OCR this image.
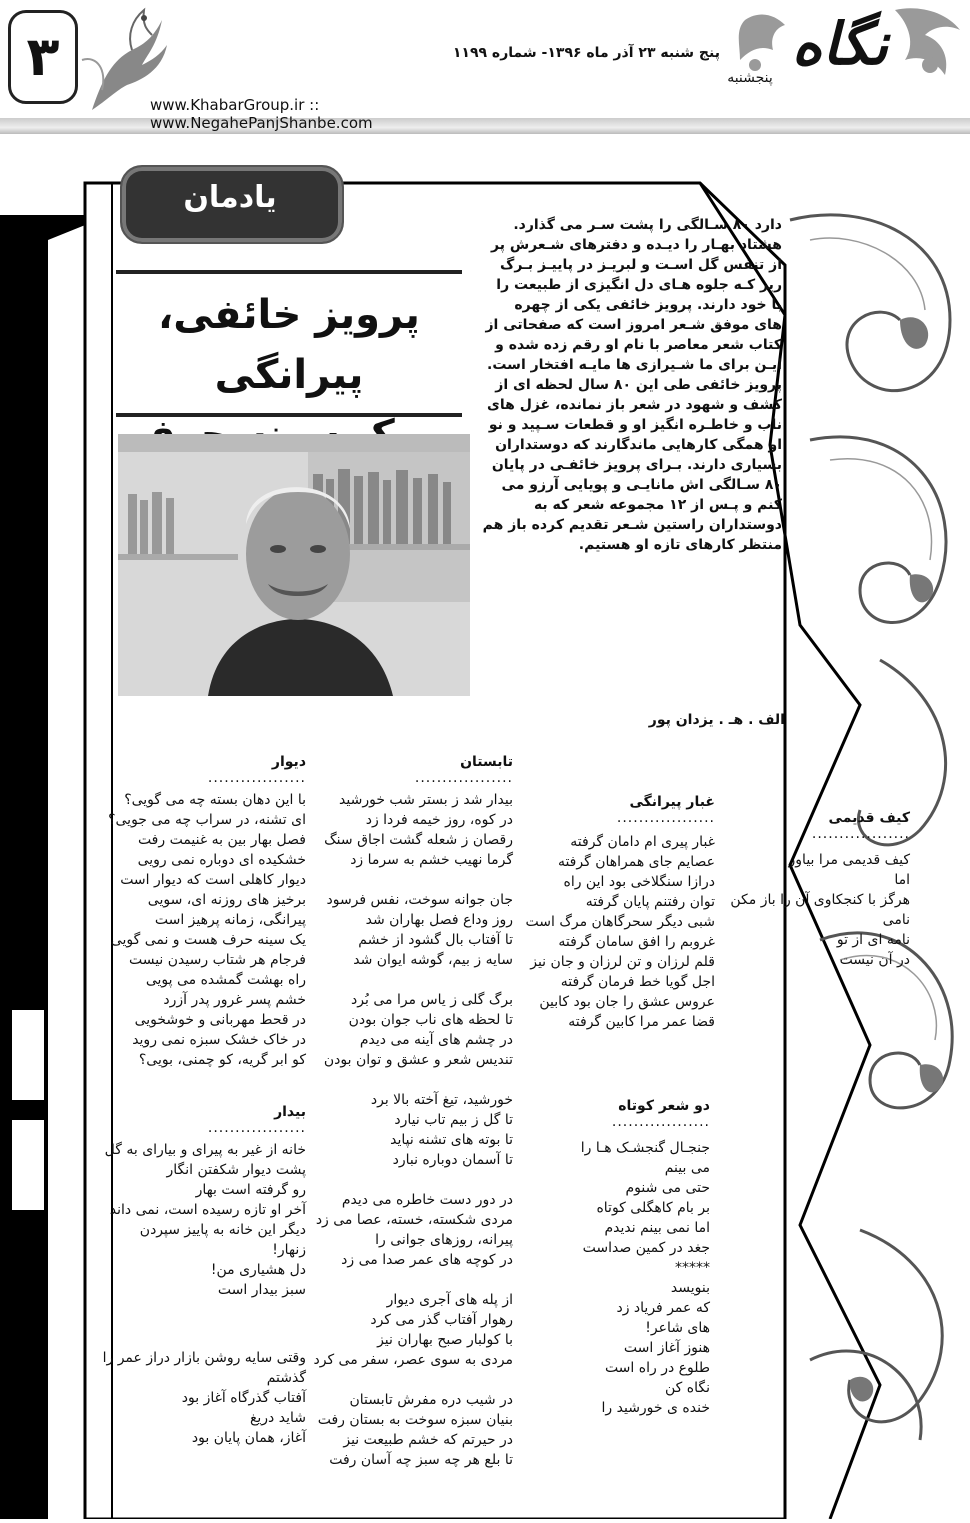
۳	پنج شنبه ۲۳ آذر ماه ۱۳۹۶- شماره ۱۱۹۹
www.KhabarGroup.ir :: www.NegahePanjShanbe.com
نگاه
پنجشنبه
یادمان
پرویز خائفی، پیرانگی

دارد ۸۰ سـالگی را پشت سـر می گذارد. هشتاد بهـار را دیـده و دفترهای شـعرش پر از تنفس گل اسـت و لبریـز در پاییـز بـرگ ریز کـه جلوه هـای دل انگیزی از طبیعت را با خود دارند. پرویز خائفی یکی از چهره های موفق شـعر امروز است که صفحاتی از کتاب شعر معاصر با نام او رقم زده شده و ایـن برای ما شـیرازی ها مایـه افتخار است.

پرویز خائفی طی این ۸۰ سال لحظه ای از کشف و شهود در شعر باز نمانده، غزل های ناب و خاطـره انگیز او و قطعات سـپید و نو او همگی کارهایی ماندگارند که دوستداران بسیاری دارند. بـرای پرویز خائفـی در پایان ۸۰ سـالگی اش مانایـی و پویایی آرزو می کنم و پـس از ۱۲ مجموعه شعر که به دوستداران راستین شـعر تقدیم کرده باز هم منتظر کارهای تازه او هستیم.

الف . هـ . یزدان پور
کیف قدیمی
..................
کیف قدیمی مرا بیاور
اما
هرگز با کنجکاوی آن را باز مکن
نامی
نامه ای از تو
در آن نیست
غبار پیرانگی
..................
غبار پیری ام دامان گرفته
عصایم جای همراهان گرفته
درازا سنگلاخی بود این راه
توان رفتنم پایان گرفته
شبی دیگر سحرگاهان مرگ است
غروبم را افق سامان گرفته
قلم لرزان و تن لرزان و جان نیز
اجل گویا خط فرمان گرفته
عروس عشق را جان بود کابین
قضا عمر مرا کابین گرفته
دو شعر کوتاه
..................
جنجـال گنجشـک هـا را
می بینم
حتی می شنوم
بر بام کاهگلی کوتاه
اما نمی بینم ندیدم
جغد در کمین صداست
*****
بنویسد
که عمر فریاد زد
های شاعر!
هنوز آغاز است
طلوع در راه است
نگاه کن
خنده ی خورشید را
تابستان
..................
بیدار شد ز بستر شب خورشید
در کوه، روز خیمه فردا زد
رقصان ز شعله گشت اجاق سنگ
گرما نهیب خشم به سرما زد
جان جوانه سوخت، نفس فرسود
روز وداع فصل بهاران شد
تا آفتاب بال گشود از خشم
سایه ز بیم، گوشه ایوان شد
برگ گلی ز یاس مرا می بُرد
تا لحظه های ناب جوان بودن
در چشم های آینه می دیدم
تندیس شعر و عشق و توان بودن
خورشید، تیغ آخته بالا برد
تا گل ز بیم تاب نیارد
تا بوته های تشنه نپاید
تا آسمان دوباره نبارد
در دور دست خاطره می دیدم
مردی شکسته، خسته، عصا می زد
پیرانه، روزهای جوانی را
در کوچه های عمر صدا می زد
از پله های آجری دیوار
رهوار آفتاب گذر می کرد
با کولبار صبح بهاران نیز
مردی به سوی عصر، سفر می کرد
در شیب دره مفرش تابستان
بنیان سبزه سوخت به بستان رفت
در حیرتم که خشم طبیعت نیز
تا بلع هر چه سبز چه آسان رفت
دیوار
..................
با این دهان بسته چه می گویی؟
ای تشنه، در سراب چه می جویی؟
فصل بهار بین به غنیمت رفت
خشکیده ای دوباره نمی رویی
دیوار کاهلی است که دیوار است
برخیز های روزنه ای، سویی
پیرانگی، زمانه پرهیز است
یک سینه حرف هست و نمی گویی
فرجام هر شتاب رسیدن نیست
راه بهشت گمشده می پویی
خشم پسر غرور پدر آزرد
در قحط مهربانی و خوشخویی
در خاک خشک سبزه نمی روید
کو ابر گریه، کو چمنی، بویی؟
بیدار
..................
خانه از غیر به پیرای و بیارای به گل
پشت دیوار شکفتن انگار
رو گرفته است بهار
آخر او تازه رسیده است، نمی داند
دیگر این خانه به پاییز سپردن
زنهار!
دل هشیاری من!
سبز بیدار است
وقتی سایه روشن بازار دراز عمر را
گذشتم
آفتاب گذرگاه آغاز بود
شاید دریغ
آغاز، همان پایان بود
